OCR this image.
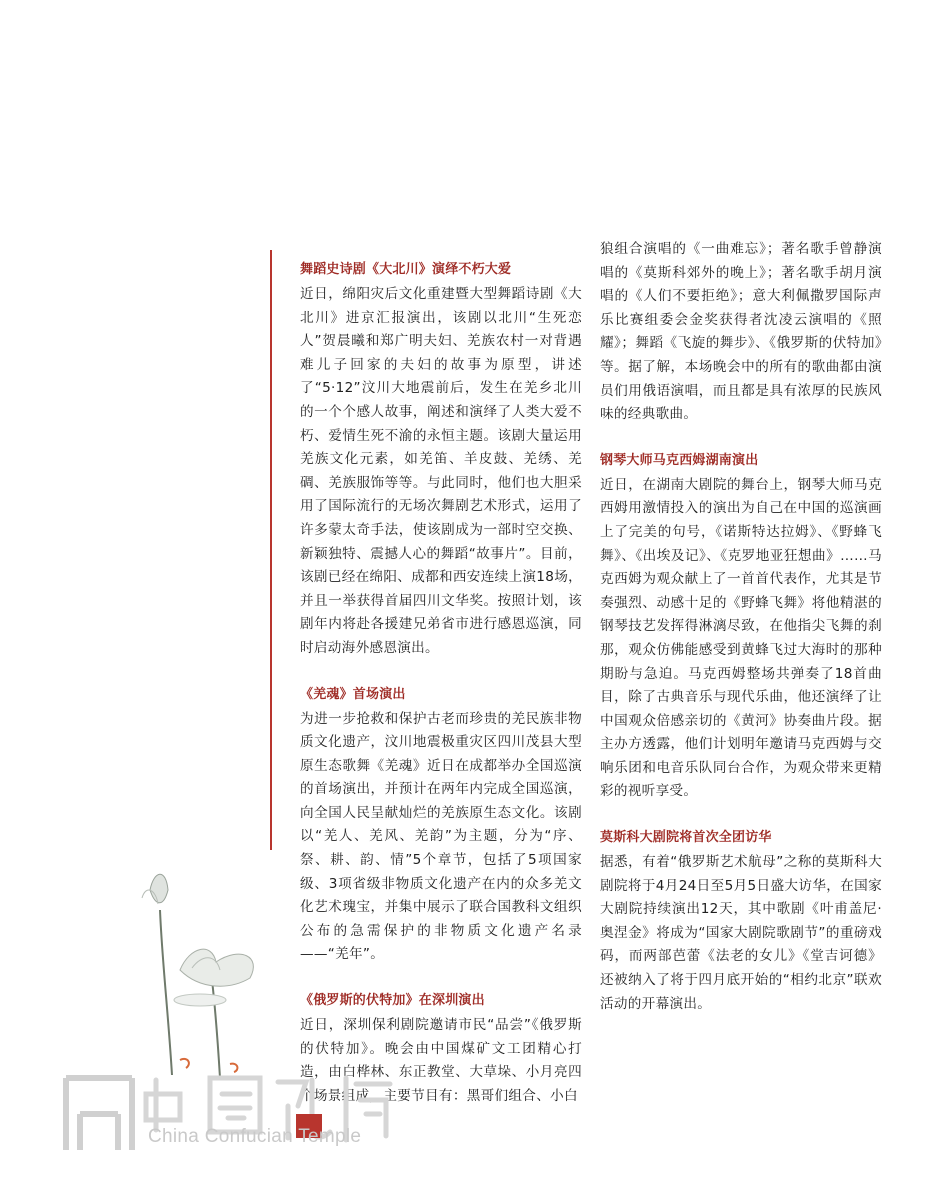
舞蹈史诗剧《大北川》演绎不朽大爱

近日，绵阳灾后文化重建暨大型舞蹈诗剧《大北川》进京汇报演出，该剧以北川“生死恋人”贺晨曦和郑广明夫妇、羌族农村一对背遇难儿子回家的夫妇的故事为原型，讲述了“5·12”汶川大地震前后，发生在羌乡北川的一个个感人故事，阐述和演绎了人类大爱不朽、爱情生死不渝的永恒主题。该剧大量运用羌族文化元素，如羌笛、羊皮鼓、羌绣、羌碉、羌族服饰等等。与此同时，他们也大胆采用了国际流行的无场次舞剧艺术形式，运用了许多蒙太奇手法，使该剧成为一部时空交换、新颖独特、震撼人心的舞蹈“故事片”。目前，该剧已经在绵阳、成都和西安连续上演18场，并且一举获得首届四川文华奖。按照计划，该剧年内将赴各援建兄弟省市进行感恩巡演，同时启动海外感恩演出。

《羌魂》首场演出

为进一步抢救和保护古老而珍贵的羌民族非物质文化遗产，汶川地震极重灾区四川茂县大型原生态歌舞《羌魂》近日在成都举办全国巡演的首场演出，并预计在两年内完成全国巡演，向全国人民呈献灿烂的羌族原生态文化。该剧以“羌人、羌风、羌韵”为主题，分为“序、祭、耕、韵、情”5个章节，包括了5项国家级、3项省级非物质文化遗产在内的众多羌文化艺术瑰宝，并集中展示了联合国教科文组织公布的急需保护的非物质文化遗产名录——“羌年”。

《俄罗斯的伏特加》在深圳演出

近日，深圳保利剧院邀请市民“品尝”《俄罗斯的伏特加》。晚会由中国煤矿文工团精心打造，由白桦林、东正教堂、大草垛、小月亮四个场景组成，主要节目有：黑哥们组合、小白

狼组合演唱的《一曲难忘》；著名歌手曾静演唱的《莫斯科郊外的晚上》；著名歌手胡月演唱的《人们不要拒绝》；意大利佩撒罗国际声乐比赛组委会金奖获得者沈凌云演唱的《照耀》；舞蹈《飞旋的舞步》、《俄罗斯的伏特加》等。据了解，本场晚会中的所有的歌曲都由演员们用俄语演唱，而且都是具有浓厚的民族风味的经典歌曲。

钢琴大师马克西姆湖南演出

近日，在湖南大剧院的舞台上，钢琴大师马克西姆用激情投入的演出为自己在中国的巡演画上了完美的句号，《诺斯特达拉姆》、《野蜂飞舞》、《出埃及记》、《克罗地亚狂想曲》……马克西姆为观众献上了一首首代表作，尤其是节奏强烈、动感十足的《野蜂飞舞》将他精湛的钢琴技艺发挥得淋漓尽致，在他指尖飞舞的刹那，观众仿佛能感受到黄蜂飞过大海时的那种期盼与急迫。马克西姆整场共弹奏了18首曲目，除了古典音乐与现代乐曲，他还演绎了让中国观众倍感亲切的《黄河》协奏曲片段。据主办方透露，他们计划明年邀请马克西姆与交响乐团和电音乐队同台合作，为观众带来更精彩的视听享受。

莫斯科大剧院将首次全团访华

据悉，有着“俄罗斯艺术航母”之称的莫斯科大剧院将于4月24日至5月5日盛大访华，在国家大剧院持续演出12天，其中歌剧《叶甫盖尼·奥涅金》将成为“国家大剧院歌剧节”的重磅戏码，而两部芭蕾《法老的女儿》《堂吉诃德》还被纳入了将于四月底开始的“相约北京”联欢活动的开幕演出。

China Confucian Temple
